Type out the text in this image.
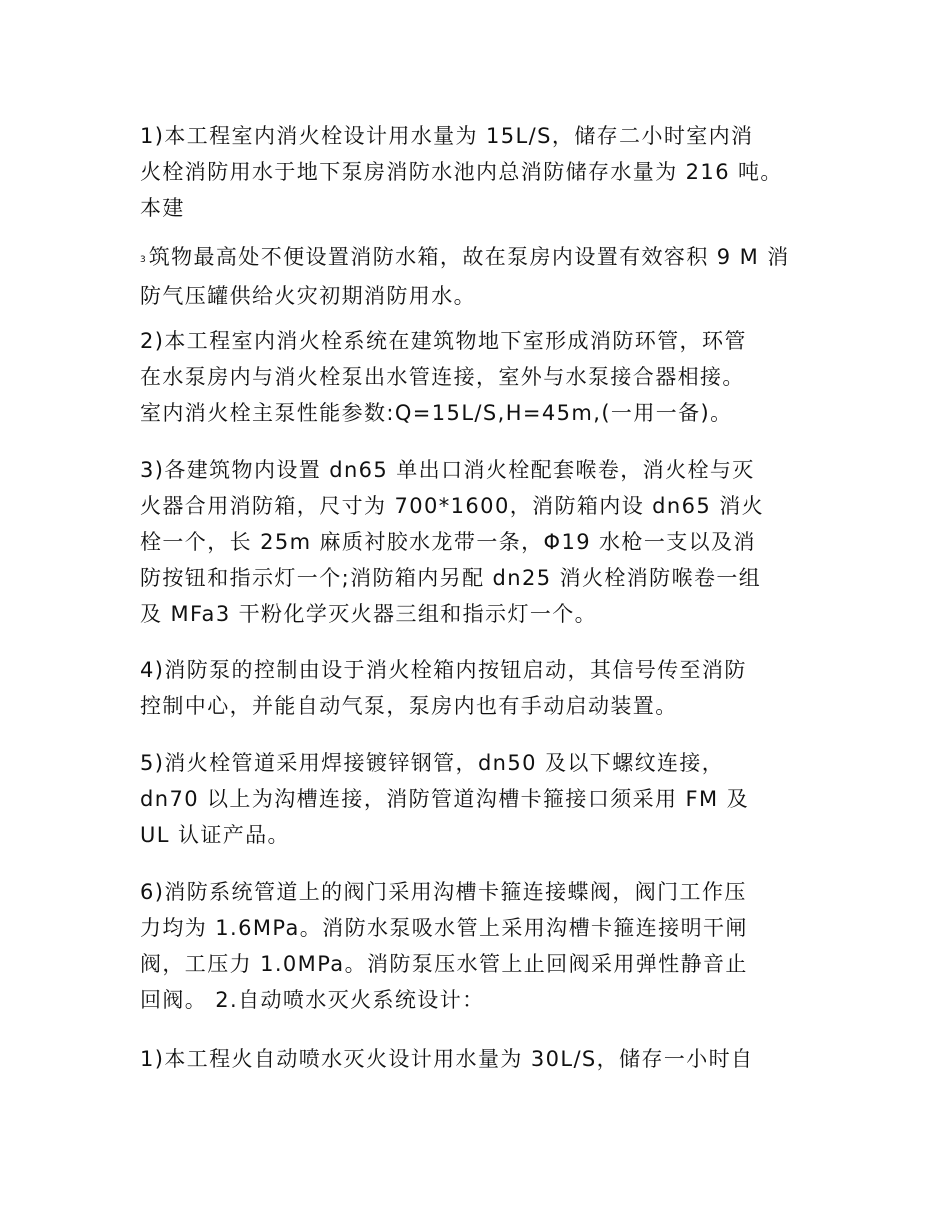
1)本工程室内消火栓设计用水量为 15L/S，储存二小时室内消
火栓消防用水于地下泵房消防水池内总消防储存水量为 216 吨。
本建
$^3$ 筑物最高处不便设置消防水箱，故在泵房内设置有效容积 9 M 消
防气压罐供给火灾初期消防用水。
2)本工程室内消火栓系统在建筑物地下室形成消防环管，环管
在水泵房内与消火栓泵出水管连接，室外与水泵接合器相接。
室内消火栓主泵性能参数:Q=15L/S,H=45m,(一用一备)。
3)各建筑物内设置 dn65 单出口消火栓配套喉卷，消火栓与灭
火器合用消防箱，尺寸为 700*1600，消防箱内设 dn65 消火
栓一个，长 25m 麻质衬胶水龙带一条，Φ19 水枪一支以及消
防按钮和指示灯一个;消防箱内另配 dn25 消火栓消防喉卷一组
及 MFa3 干粉化学灭火器三组和指示灯一个。
4)消防泵的控制由设于消火栓箱内按钮启动，其信号传至消防
控制中心，并能自动气泵，泵房内也有手动启动装置。
5)消火栓管道采用焊接镀锌钢管，dn50 及以下螺纹连接，
dn70 以上为沟槽连接，消防管道沟槽卡箍接口须采用 FM 及
UL 认证产品。
6)消防系统管道上的阀门采用沟槽卡箍连接蝶阀，阀门工作压
力均为 1.6MPa。消防水泵吸水管上采用沟槽卡箍连接明干闸
阀，工压力 1.0MPa。消防泵压水管上止回阀采用弹性静音止
回阀。 2.自动喷水灭火系统设计：
1)本工程火自动喷水灭火设计用水量为 30L/S，储存一小时自
